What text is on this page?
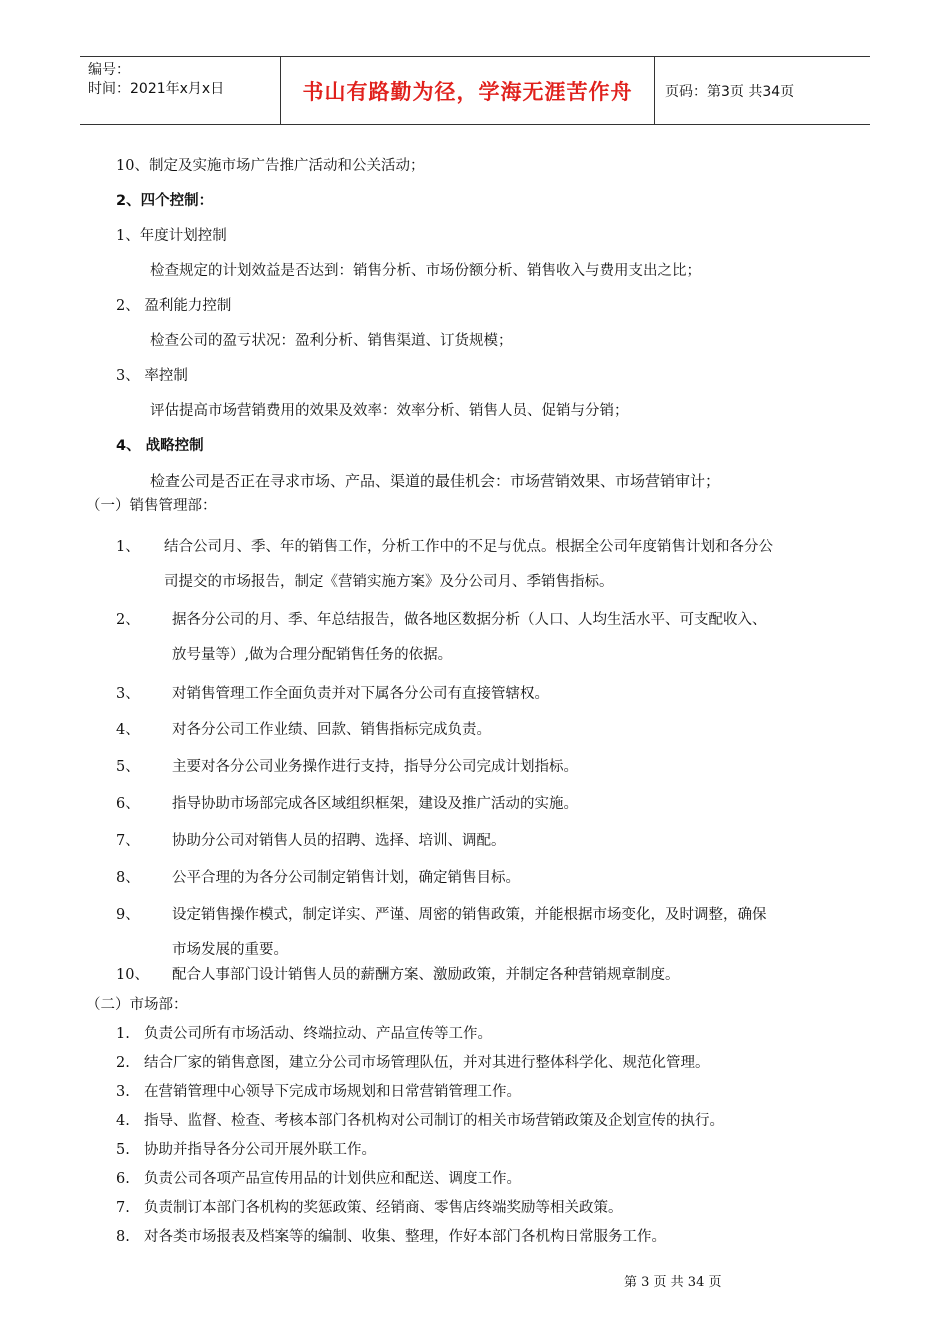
编号：
时间：2021年x月x日	书山有路勤为径，学海无涯苦作舟	页码：第3页 共34页
10、制定及实施市场广告推广活动和公关活动；
2、四个控制：
1、年度计划控制
检查规定的计划效益是否达到：销售分析、市场份额分析、销售收入与费用支出之比；
2、 盈利能力控制
检查公司的盈亏状况：盈利分析、销售渠道、订货规模；
3、 率控制
评估提高市场营销费用的效果及效率：效率分析、销售人员、促销与分销；
4、 战略控制
检查公司是否正在寻求市场、产品、渠道的最佳机会：市场营销效果、市场营销审计；
（一）销售管理部：
1、 结合公司月、季、年的销售工作，分析工作中的不足与优点。根据全公司年度销售计划和各分公
司提交的市场报告，制定《营销实施方案》及分公司月、季销售指标。
2、 据各分公司的月、季、年总结报告，做各地区数据分析（人口、人均生活水平、可支配收入、
放号量等）,做为合理分配销售任务的依据。
3、 对销售管理工作全面负责并对下属各分公司有直接管辖权。
4、 对各分公司工作业绩、回款、销售指标完成负责。
5、 主要对各分公司业务操作进行支持，指导分公司完成计划指标。
6、 指导协助市场部完成各区域组织框架，建设及推广活动的实施。
7、 协助分公司对销售人员的招聘、选择、培训、调配。
8、 公平合理的为各分公司制定销售计划，确定销售目标。
9、 设定销售操作模式，制定详实、严谨、周密的销售政策，并能根据市场变化，及时调整，确保
市场发展的重要。
10、 配合人事部门设计销售人员的薪酬方案、激励政策，并制定各种营销规章制度。
（二）市场部：
1. 负责公司所有市场活动、终端拉动、产品宣传等工作。
2. 结合厂家的销售意图，建立分公司市场管理队伍，并对其进行整体科学化、规范化管理。
3. 在营销管理中心领导下完成市场规划和日常营销管理工作。
4. 指导、监督、检查、考核本部门各机构对公司制订的相关市场营销政策及企划宣传的执行。
5. 协助并指导各分公司开展外联工作。
6. 负责公司各项产品宣传用品的计划供应和配送、调度工作。
7. 负责制订本部门各机构的奖惩政策、经销商、零售店终端奖励等相关政策。
8. 对各类市场报表及档案等的编制、收集、整理，作好本部门各机构日常服务工作。
第 3 页 共 34 页
